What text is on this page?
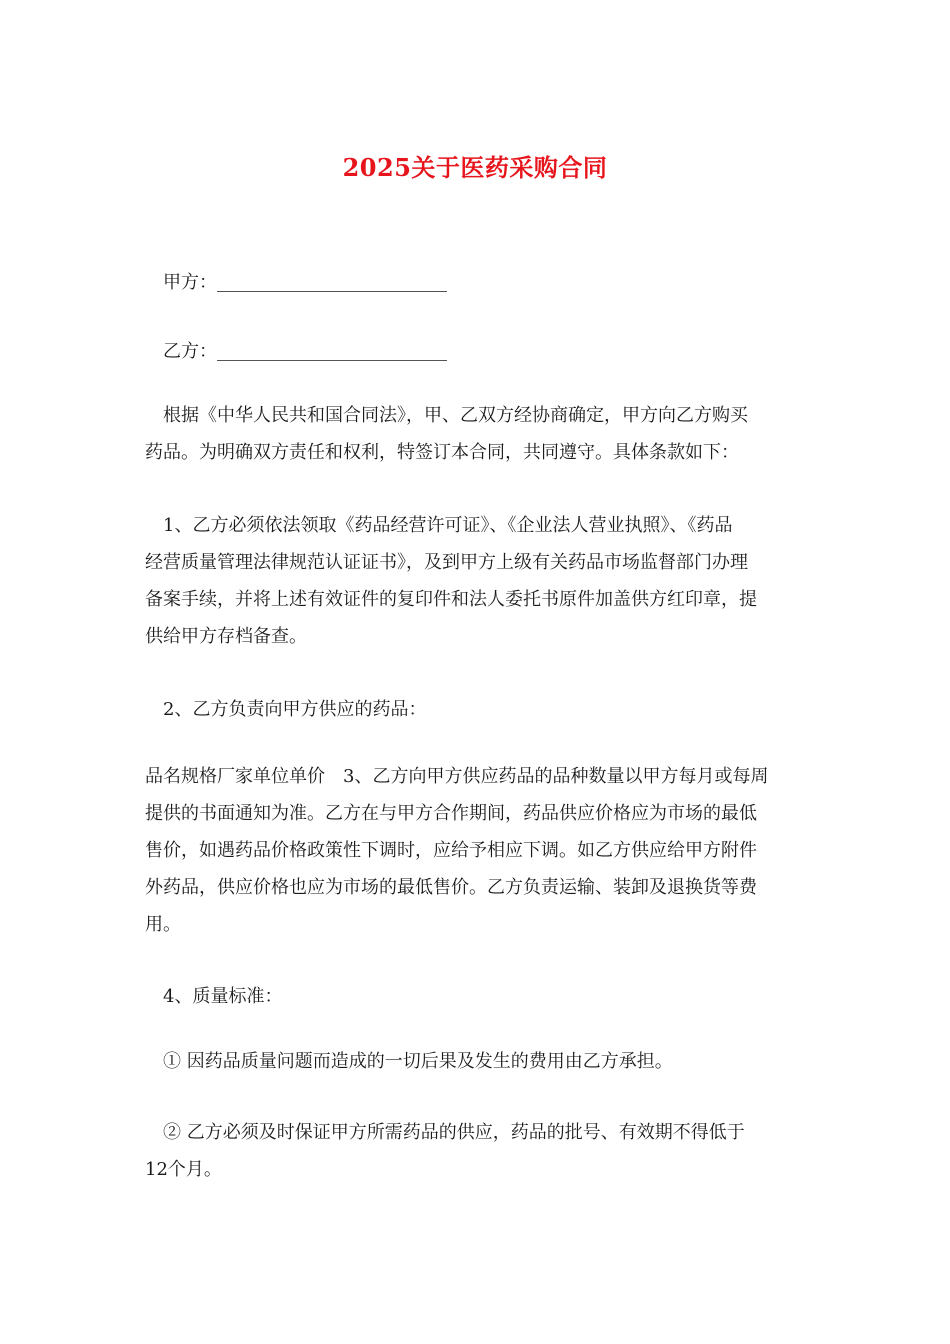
2025关于医药采购合同
甲方：
乙方：
根据《中华人民共和国合同法》，甲、乙双方经协商确定，甲方向乙方购买
药品。为明确双方责任和权利，特签订本合同，共同遵守。具体条款如下：
1、乙方必须依法领取《药品经营许可证》、《企业法人营业执照》、《药品
经营质量管理法律规范认证证书》，及到甲方上级有关药品市场监督部门办理
备案手续，并将上述有效证件的复印件和法人委托书原件加盖供方红印章，提
供给甲方存档备查。
2、乙方负责向甲方供应的药品：
品名规格厂家单位单价　3、乙方向甲方供应药品的品种数量以甲方每月或每周
提供的书面通知为准。乙方在与甲方合作期间，药品供应价格应为市场的最低
售价，如遇药品价格政策性下调时，应给予相应下调。如乙方供应给甲方附件
外药品，供应价格也应为市场的最低售价。乙方负责运输、装卸及退换货等费
用。
4、质量标准：
① 因药品质量问题而造成的一切后果及发生的费用由乙方承担。
② 乙方必须及时保证甲方所需药品的供应，药品的批号、有效期不得低于
12个月。
